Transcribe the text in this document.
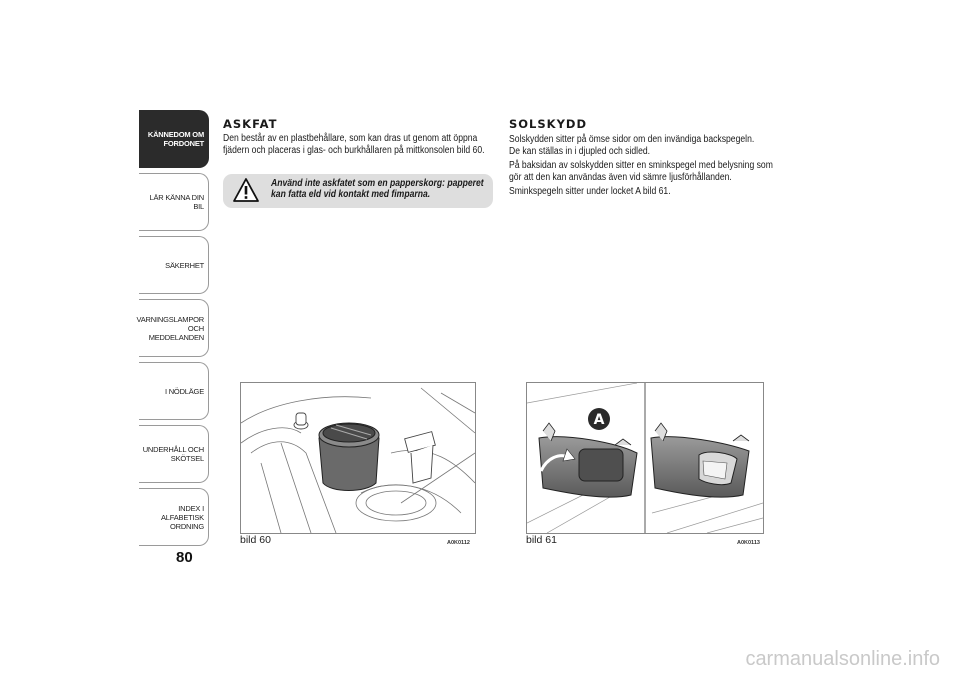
KÄNNEDOM OM
FORDONET
LÄR KÄNNA DIN BIL
SÄKERHET
VARNINGSLAMPOR
OCH MEDDELANDEN
I NÖDLÄGE
UNDERHÅLL OCH
SKÖTSEL
INDEX I ALFABETISK
ORDNING
80
ASKFAT
Den består av en plastbehållare, som kan dras ut genom att öppna
fjädern och placeras i glas- och burkhållaren på mittkonsolen bild 60.
Använd inte askfatet som en papperskorg: papperet
kan fatta eld vid kontakt med fimparna.
bild 60	A0K0112
SOLSKYDD
Solskydden sitter på ömse sidor om den invändiga backspegeln.
De kan ställas in i djupled och sidled.
På baksidan av solskydden sitter en sminkspegel med belysning som
gör att den kan användas även vid sämre ljusförhållanden.
Sminkspegeln sitter under locket A bild 61.
A
bild 61	A0K0113
carmanualsonline.info
